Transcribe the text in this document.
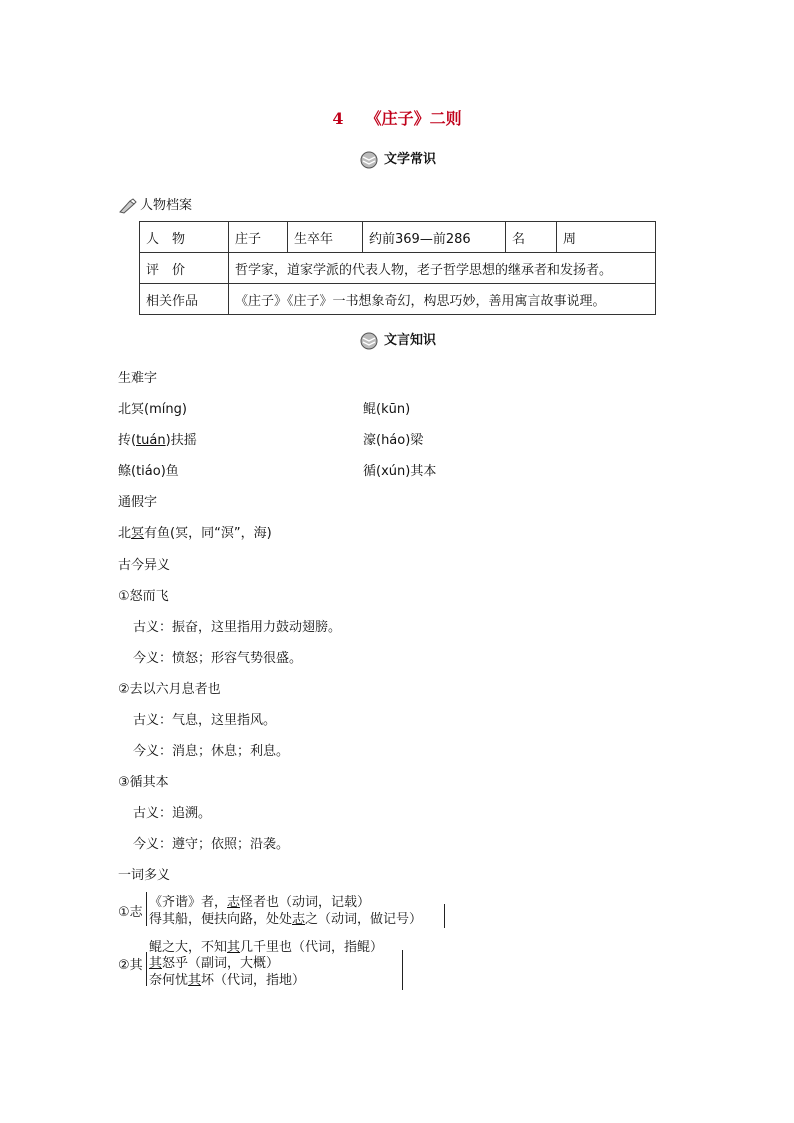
4 《庄子》二则
文学常识
人物档案
人　物	庄子	生卒年	约前369—前286	名	周
评　价	哲学家，道家学派的代表人物，老子哲学思想的继承者和发扬者。				
相关作品	《庄子》《庄子》一书想象奇幻，构思巧妙，善用寓言故事说理。				
文言知识
生难字
北冥(míng)	鲲(kūn)
抟(tuán)扶摇	濠(háo)梁
鲦(tiáo)鱼	循(xún)其本
通假字
北冥有鱼(冥，同“溟”，海)
古今异义
①怒而飞
古义：振奋，这里指用力鼓动翅膀。
今义：愤怒；形容气势很盛。
②去以六月息者也
古义：气息，这里指风。
今义：消息；休息；利息。
③循其本
古义：追溯。
今义：遵守；依照；沿袭。
一词多义
①志
《齐谐》者，志怪者也（动词，记载）
得其船，便扶向路，处处志之（动词，做记号）
②其
鲲之大，不知其几千里也（代词，指鲲）
其怒乎（副词，大概）
奈何忧其坏（代词，指地）
